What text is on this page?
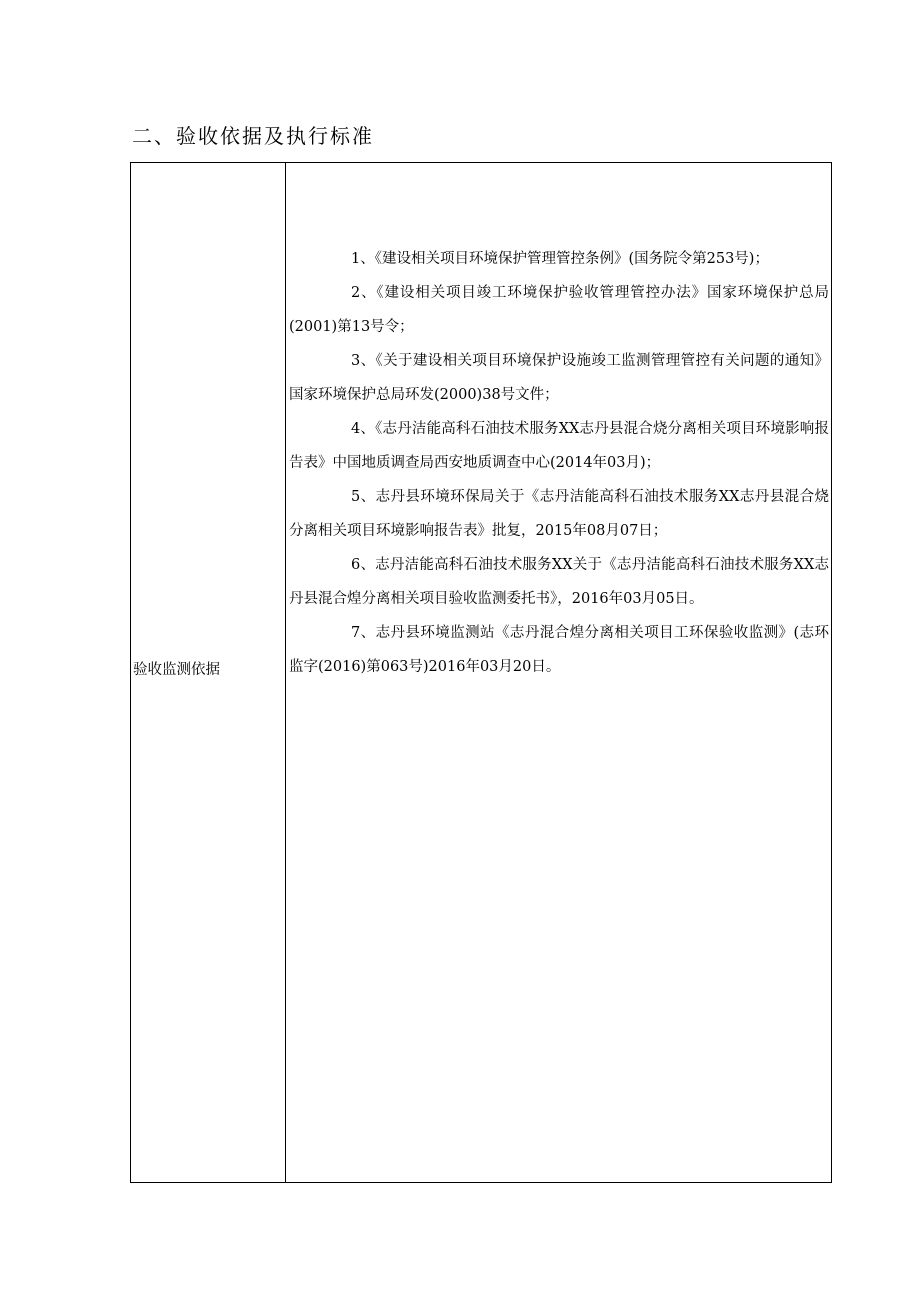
二、验收依据及执行标准
验收监测依据

1、《建设相关项目环境保护管理管控条例》(国务院令第253号)；

2、《建设相关项目竣工环境保护验收管理管控办法》国家环境保护总局(2001)第13号令；

3、《关于建设相关项目环境保护设施竣工监测管理管控有关问题的通知》国家环境保护总局环发(2000)38号文件；

4、《志丹洁能高科石油技术服务XX志丹县混合烧分离相关项目环境影响报告表》中国地质调查局西安地质调查中心(2014年03月)；

5、志丹县环境环保局关于《志丹洁能高科石油技术服务XX志丹县混合烧分离相关项目环境影响报告表》批复，2015年08月07日；

6、志丹洁能高科石油技术服务XX关于《志丹洁能高科石油技术服务XX志丹县混合煌分离相关项目验收监测委托书》，2016年03月05日。

7、志丹县环境监测站《志丹混合煌分离相关项目工环保验收监测》(志环监字(2016)第063号)2016年03月20日。
